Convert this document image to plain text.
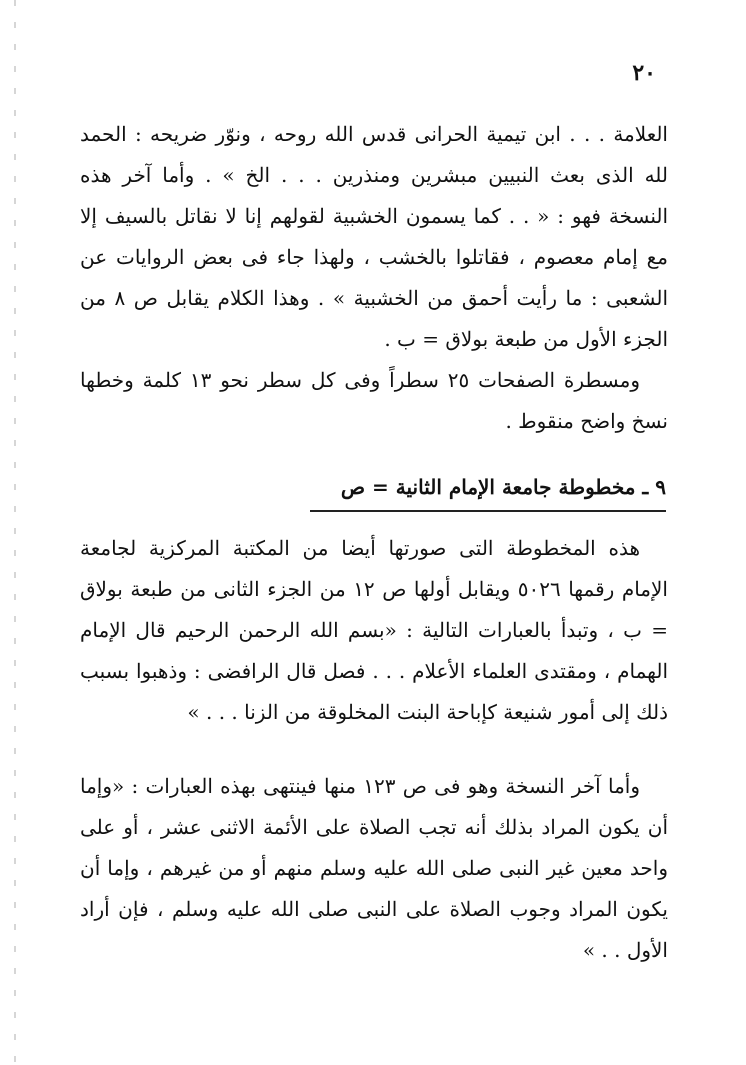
٢٠

العلامة . . . ابن تيمية الحرانى قدس الله روحه ، ونوّر ضريحه : الحمد لله الذى بعث النبيين مبشرين ومنذرين . . . الخ » . وأما آخر هذه النسخة فهو : « . . كما يسمون الخشبية لقولهم إنا لا نقاتل بالسيف إلا مع إمام معصوم ، فقاتلوا بالخشب ، ولهذا جاء فى بعض الروايات عن الشعبى : ما رأيت أحمق من الخشبية » . وهذا الكلام يقابل ص ٨ من الجزء الأول من طبعة بولاق = ب .

ومسطرة الصفحات ٢٥ سطراً وفى كل سطر نحو ١٣ كلمة وخطها نسخ واضح منقوط .

٩ ـ مخطوطة جامعة الإمام الثانية = ص

هذه المخطوطة التى صورتها أيضا من المكتبة المركزية لجامعة الإمام رقمها ٥٠٢٦ ويقابل أولها ص ١٢ من الجزء الثانى من طبعة بولاق = ب ، وتبدأ بالعبارات التالية : «بسم الله الرحمن الرحيم قال الإمام الهمام ، ومقتدى العلماء الأعلام . . . فصل قال الرافضى : وذهبوا بسبب ذلك إلى أمور شنيعة كإباحة البنت المخلوقة من الزنا . . . »

وأما آخر النسخة وهو فى ص ١٢٣ منها فينتهى بهذه العبارات : «وإما أن يكون المراد بذلك أنه تجب الصلاة على الأئمة الاثنى عشر ، أو على واحد معين غير النبى صلى الله عليه وسلم منهم أو من غيرهم ، وإما أن يكون المراد وجوب الصلاة على النبى صلى الله عليه وسلم ، فإن أراد الأول . . »
